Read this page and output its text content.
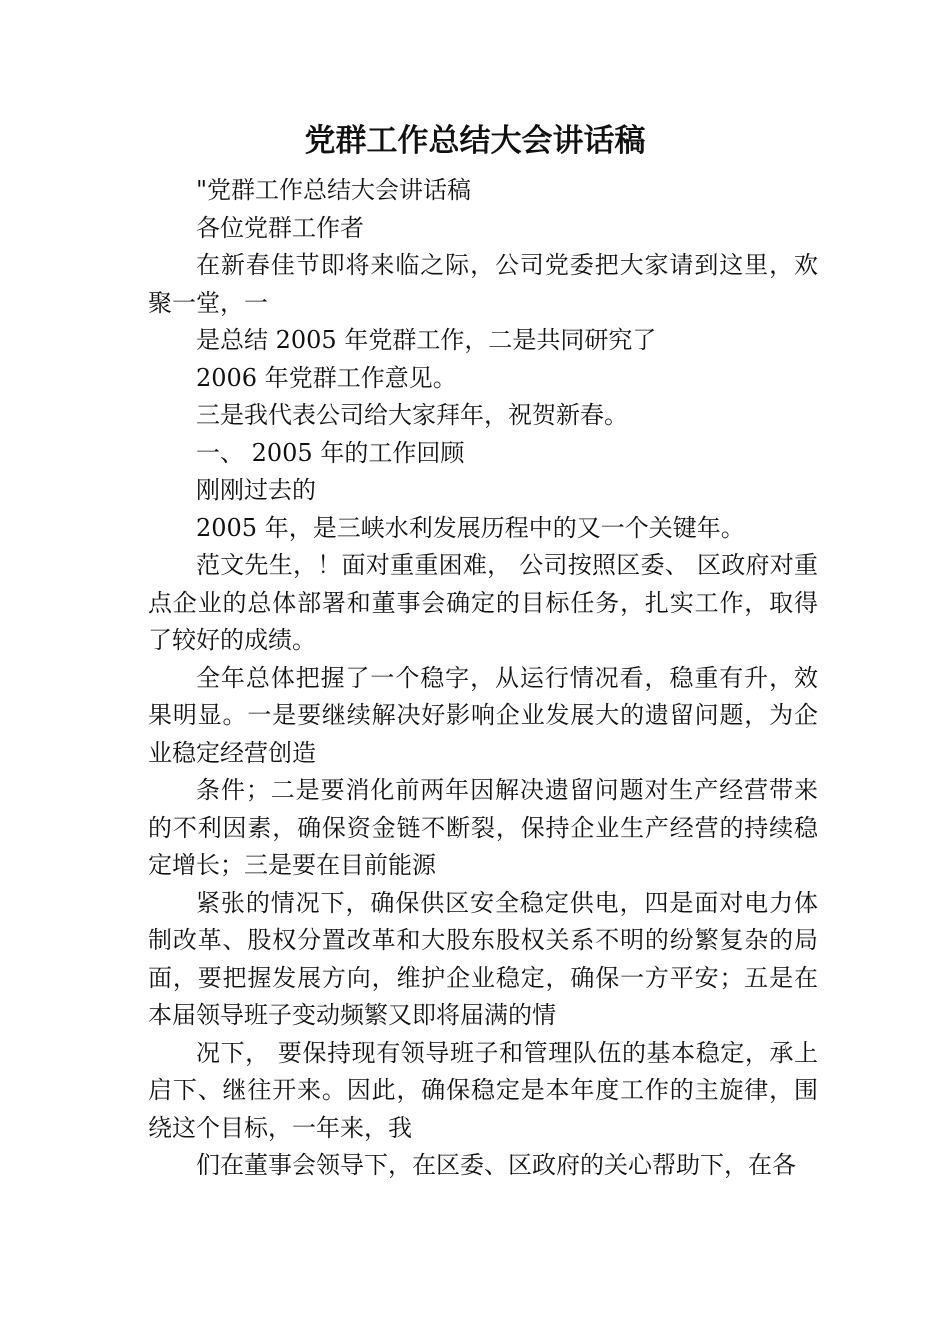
党群工作总结大会讲话稿

"党群工作总结大会讲话稿

各位党群工作者

在新春佳节即将来临之际，公司党委把大家请到这里，欢聚一堂，一

是总结 2005 年党群工作，二是共同研究了

2006 年党群工作意见。

三是我代表公司给大家拜年，祝贺新春。

一、 2005 年的工作回顾

刚刚过去的

2005 年，是三峡水利发展历程中的又一个关键年。

范文先生，！面对重重困难， 公司按照区委、 区政府对重点企业的总体部署和董事会确定的目标任务，扎实工作，取得了较好的成绩。

全年总体把握了一个稳字，从运行情况看，稳重有升，效果明显。一是要继续解决好影响企业发展大的遗留问题，为企业稳定经营创造

条件；二是要消化前两年因解决遗留问题对生产经营带来的不利因素，确保资金链不断裂，保持企业生产经营的持续稳定增长；三是要在目前能源

紧张的情况下，确保供区安全稳定供电，四是面对电力体制改革、股权分置改革和大股东股权关系不明的纷繁复杂的局面，要把握发展方向，维护企业稳定，确保一方平安；五是在本届领导班子变动频繁又即将届满的情

况下， 要保持现有领导班子和管理队伍的基本稳定，承上启下、继往开来。因此，确保稳定是本年度工作的主旋律，围绕这个目标，一年来，我

们在董事会领导下，在区委、区政府的关心帮助下，在各
